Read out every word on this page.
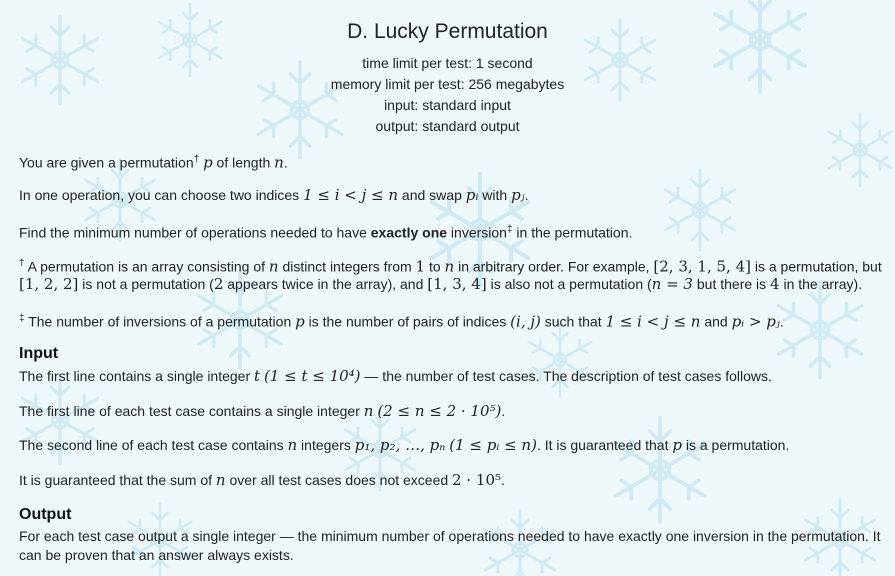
D. Lucky Permutation
time limit per test: 1 second
memory limit per test: 256 megabytes
input: standard input
output: standard output
You are given a permutation† p of length n.
In one operation, you can choose two indices 1 ≤ i < j ≤ n and swap pᵢ with pⱼ.
Find the minimum number of operations needed to have exactly one inversion‡ in the permutation.
† A permutation is an array consisting of n distinct integers from 1 to n in arbitrary order. For example, [2, 3, 1, 5, 4] is a permutation, but
[1, 2, 2] is not a permutation (2 appears twice in the array), and [1, 3, 4] is also not a permutation (n = 3 but there is 4 in the array).
‡ The number of inversions of a permutation p is the number of pairs of indices (i, j) such that 1 ≤ i < j ≤ n and pᵢ > pⱼ.
Input
The first line contains a single integer t (1 ≤ t ≤ 10⁴) — the number of test cases. The description of test cases follows.
The first line of each test case contains a single integer n (2 ≤ n ≤ 2 · 10⁵).
The second line of each test case contains n integers p₁, p₂, …, pₙ (1 ≤ pᵢ ≤ n). It is guaranteed that p is a permutation.
It is guaranteed that the sum of n over all test cases does not exceed 2 · 10⁵.
Output
For each test case output a single integer — the minimum number of operations needed to have exactly one inversion in the permutation. It
can be proven that an answer always exists.
